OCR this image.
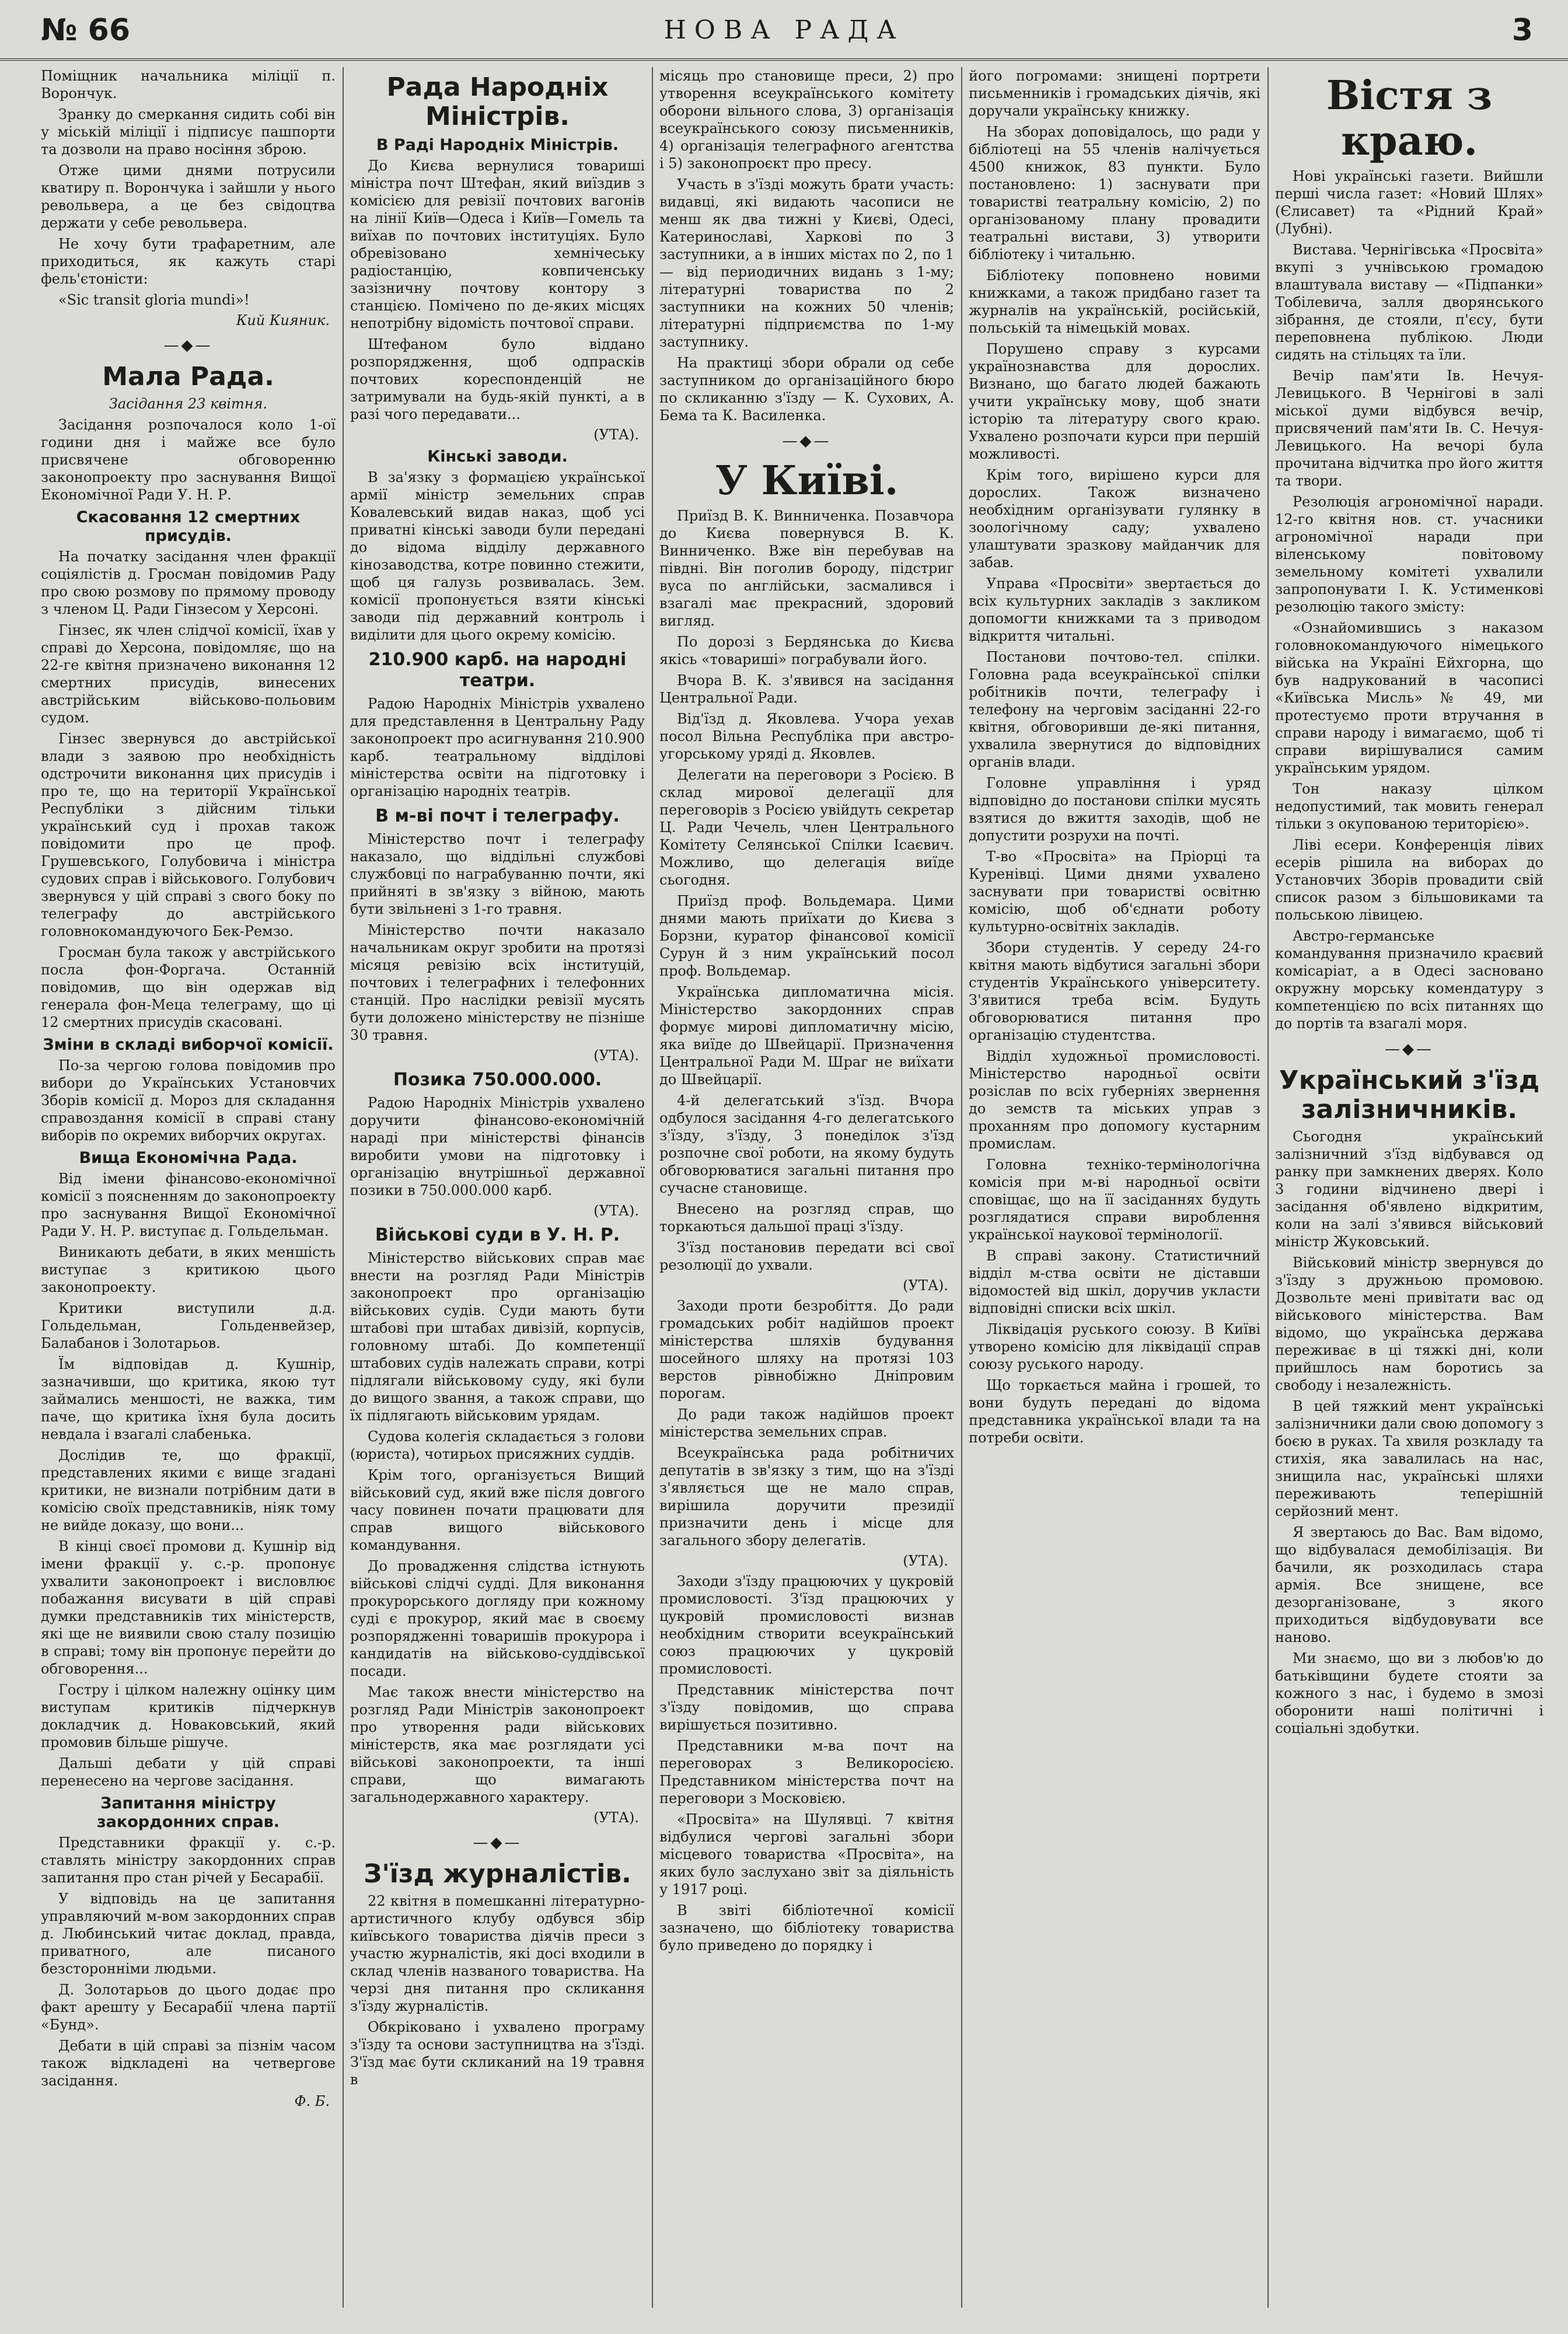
№ 66	НОВА РАДА	3

Поміщник начальника міліції п. Ворончук.

Зранку до смеркання сидить собі він у міській міліції і підписує пашпорти та дозволи на право носіння зброю.

Отже цими днями потрусили кватиру п. Ворончука і зайшли у нього револьвера, а це без свідоцтва держати у себе револьвера.

Не хочу бути трафаретним, але приходиться, як кажуть старі фель'єтоністи:

«Sic transit gloria mundi»!

Кий Кияник.
—◆—
Мала Рада.
Засідання 23 квітня.

Засідання розпочалося коло 1-ої години дня і майже все було присвячене обговоренню законопроекту про заснування Вищої Економічної Ради У. Н. Р.

Скасовання 12 смертних присудів.

На початку засідання член фракції соціялістів д. Гросман повідомив Раду про свою розмову по прямому проводу з членом Ц. Ради Гінзесом у Херсоні.

Гінзес, як член слідчої комісії, їхав у справі до Херсона, повідомляє, що на 22-ге квітня призначено виконання 12 смертних присудів, винесених австрійським військово-польовим судом.

Гінзес звернувся до австрійської влади з заявою про необхідність одстрочити виконання цих присудів і про те, що на території Української Республіки з дійсним тільки український суд і прохав також повідомити про це проф. Грушевського, Голубовича і міністра судових справ і військового. Голубович звернувся у цій справі з свого боку по телеграфу до австрійського головнокомандуючого Бек-Ремзо.

Гросман була також у австрійського посла фон-Форгача. Останній повідомив, що він одержав від генерала фон-Меца телеграму, що ці 12 смертних присудів скасовані.

Зміни в складі виборчої комісії.

По-за чергою голова повідомив про вибори до Українських Установчих Зборів комісії д. Мороз для складання справоздання комісії в справі стану виборів по окремих виборчих округах.

Вища Економічна Рада.

Від імени фінансово-економічної комісії з поясненням до законопроекту про заснування Вищої Економічної Ради У. Н. Р. виступає д. Гольдельман.

Виникають дебати, в яких меншість виступає з критикою цього законопроекту.

Критики виступили д.д. Гольдельман, Гольденвейзер, Балабанов і Золотарьов.

Їм відповідав д. Кушнір, зазначивши, що критика, якою тут займались меншості, не важка, тим паче, що критика їхня була досить невдала і взагалі слабенька.

Дослідив те, що фракції, представлених якими є вище згадані критики, не визнали потрібним дати в комісію своїх представників, ніяк тому не вийде доказу, що вони...

В кінці своєї промови д. Кушнір від імени фракції у. с.-р. пропонує ухвалити законопроект і висловлює побажання висувати в цій справі думки представників тих міністерств, які ще не виявили свою сталу позицію в справі; тому він пропонує перейти до обговорення...

Гостру і цілком належну оцінку цим виступам критиків підчеркнув докладчик д. Новаковський, який промовив більше рішуче.

Дальші дебати у цій справі перенесено на чергове засідання.

Запитання міністру закордонних справ.

Представники фракції у. с.-р. ставлять міністру закордонних справ запитання про стан річей у Бесарабії.

У відповідь на це запитання управляючий м-вом закордонних справ д. Любинський читає доклад, правда, приватного, але писаного безсторонніми людьми.

Д. Золотарьов до цього додає про факт арешту у Бесарабії члена партії «Бунд».

Дебати в цій справі за пізнім часом також відкладені на четвергове засідання.

Ф. Б.
Рада Народніх Міністрів.
В Раді Народніх Міністрів.

До Києва вернулися товариші міністра почт Штефан, який виїздив з комісією для ревізії почтових вагонів на лінії Київ—Одеса і Київ—Гомель та виїхав по почтових інституціях. Було обревізовано хемнічеську радіостанцію, ковпиченську зазізничну почтову контору з станцією. Помічено по де-яких місцях непотрібну відомість почтової справи.

Штефаном було віддано розпорядження, щоб одпрасків почтових кореспонденцій не затримували на будь-якій пункті, а в разі чого передавати...

(УТА).
Кінські заводи.

В за'язку з формацією української армії міністр земельних справ Ковалевський видав наказ, щоб усі приватні кінські заводи були передані до відома відділу державного кінозаводства, котре повинно стежити, щоб ця галузь розвивалась. Зем. комісії пропонується взяти кінські заводи під державний контроль і виділити для цього окрему комісію.

210.900 карб. на народні театри.

Радою Народніх Міністрів ухвалено для представлення в Центральну Раду законопроект про асигнування 210.900 карб. театральному відділові міністерства освіти на підготовку і організацію народніх театрів.

В м-ві почт і телеграфу.

Міністерство почт і телеграфу наказало, що віддільні службові службовці по награбуванню почти, які прийняті в зв'язку з війною, мають бути звільнені з 1-го травня.

Міністерство почти наказало начальникам округ зробити на протязі місяця ревізію всіх інституцій, почтових і телеграфних і телефонних станцій. Про наслідки ревізії мусять бути доложено міністерству не пізніше 30 травня.

(УТА).
Позика 750.000.000.

Радою Народніх Міністрів ухвалено доручити фінансово-економічній нараді при міністерстві фінансів виробити умови на підготовку і організацію внутрішньої державної позики в 750.000.000 карб.

(УТА).
Військові суди в У. Н. Р.

Міністерство військових справ має внести на розгляд Ради Міністрів законопроект про організацію військових судів. Суди мають бути штабові при штабах дивізій, корпусів, головному штабі. До компетенції штабових судів належать справи, котрі підлягали військовому суду, які були до вищого звання, а також справи, що їх підлягають військовим урядам.

Судова колегія складається з голови (юриста), чотирьох присяжних суддів.

Крім того, організується Вищий військовий суд, який вже після довгого часу повинен почати працювати для справ вищого військового командування.

До провадження слідства істнують військові слідчі судді. Для виконання прокурорського догляду при кожному суді є прокурор, який має в своєму розпорядженні товаришів прокурора і кандидатів на військово-суддівської посади.

Має також внести міністерство на розгляд Ради Міністрів законопроект про утворення ради військових міністерств, яка має розглядати усі військові законопроекти, та інші справи, що вимагають загальнодержавного характеру.

(УТА).
—◆—
З'їзд журналістів.

22 квітня в помешканні літературно-артистичного клубу одбувся збір київського товариства діячів преси з участю журналістів, які досі входили в склад членів названого товариства. На черзі дня питання про скликання з'їзду журналістів.

Обкріковано і ухвалено програму з'їзду та основи заступництва на з'їзді. З'їзд має бути скликаний на 19 травня в

місяць про становище преси, 2) про утворення всеукраїнського комітету оборони вільного слова, 3) організація всеукраїнського союзу письменників, 4) організація телеграфного агентства і 5) законопроєкт про пресу.

Участь в з'їзді можуть брати участь: видавці, які видають часописи не менш як два тижні у Києві, Одесі, Катеринославі, Харкові по 3 заступники, а в інших містах по 2, по 1 — від периодичних видань з 1-му; літературні товариства по 2 заступники на кожних 50 членів; літературні підприємства по 1-му заступнику.

На практиці збори обрали од себе заступником до організаційного бюро по скликанню з'їзду — К. Сухових, А. Бема та К. Василенка.

—◆—
У Київі.

Приїзд В. К. Винниченка. Позавчора до Києва повернувся В. К. Винниченко. Вже він перебував на півдні. Він поголив бороду, підстриг вуса по англійськи, засмалився і взагалі має прекрасний, здоровий вигляд.

По дорозі з Бердянська до Києва якісь «товариші» пограбували його.

Вчора В. К. з'явився на засідання Центральної Ради.

Від'їзд д. Яковлева. Учора уехав посол Вільна Республіка при австро-угорському уряді д. Яковлев.

Делегати на переговори з Росією. В склад мирової делегації для переговорів з Росією увійдуть секретар Ц. Ради Чечель, член Центрального Комітету Селянської Спілки Ісаєвич. Можливо, що делегація виїде сьогодня.

Приїзд проф. Вольдемара. Цими днями мають приїхати до Києва з Борзни, куратор фінансової комісії Сурун й з ним український посол проф. Вольдемар.

Українська дипломатична місія. Міністерство закордонних справ формує мирові дипломатичну місію, яка виїде до Швейцарії. Призначення Центральної Ради М. Шраг не виїхати до Швейцарії.

4-й делегатський з'їзд. Вчора одбулося засідання 4-го делегатського з'їзду, з'їзду, 3 понеділок з'їзд розпочне свої роботи, на якому будуть обговорюватися загальні питання про сучасне становище.

Внесено на розгляд справ, що торкаються дальшої праці з'їзду.

З'їзд постановив передати всі свої резолюції до ухвали.

(УТА).

Заходи проти безробіття. До ради громадських робіт надійшов проект міністерства шляхів будування шосейного шляху на протязі 103 верстов рівнобіжно Дніпровим порогам.

До ради також надійшов проект міністерства земельних справ.

Всеукраїнська рада робітничих депутатів в зв'язку з тим, що на з'їзді з'являється ще не мало справ, вирішила доручити президії призначити день і місце для загального збору делегатів.

(УТА).

Заходи з'їзду працюючих у цукровій промисловості. З'їзд працюючих у цукровій промисловості визнав необхідним створити всеукраїнський союз працюючих у цукровій промисловості.

Представник міністерства почт з'їзду повідомив, що справа вирішується позитивно.

Представники м-ва почт на переговорах з Великоросією. Представником міністерства почт на переговори з Московією.

«Просвіта» на Шулявці. 7 квітня відбулися чергові загальні збори місцевого товариства «Просвіта», на яких було заслухано звіт за діяльність у 1917 році.

В звіті бібліотечної комісії зазначено, що бібліотеку товариства було приведено до порядку і

його погромами: знищені портрети письменників і громадських діячів, які доручали українську книжку.

На зборах доповідалось, що ради у бібліотеці на 55 членів налічується 4500 книжок, 83 пункти. Було постановлено: 1) заснувати при товаристві театральну комісію, 2) по організованому плану провадити театральні вистави, 3) утворити бібліотеку і читальню.

Бібліотеку поповнено новими книжками, а також придбано газет та журналів на українській, російській, польській та німецькій мовах.

Порушено справу з курсами українознавства для дорослих. Визнано, що багато людей бажають учити українську мову, щоб знати історію та літературу свого краю. Ухвалено розпочати курси при першій можливості.

Крім того, вирішено курси для дорослих. Також визначено необхідним організувати гулянку в зоологічному саду; ухвалено улаштувати зразкову майданчик для забав.

Управа «Просвіти» звертається до всіх культурних закладів з закликом допомогти книжками та з приводом відкриття читальні.

Постанови почтово-тел. спілки. Головна рада всеукраїнської спілки робітників почти, телеграфу і телефону на черговім засіданні 22-го квітня, обговоривши де-які питання, ухвалила звернутися до відповідних органів влади.

Головне управління і уряд відповідно до постанови спілки мусять взятися до вжиття заходів, щоб не допустити розрухи на почті.

Т-во «Просвіта» на Пріорці та Куренівці. Цими днями ухвалено заснувати при товаристві освітню комісію, щоб об'єднати роботу культурно-освітніх закладів.

Збори студентів. У середу 24-го квітня мають відбутися загальні збори студентів Українського університету. З'явитися треба всім. Будуть обговорюватися питання про організацію студентства.

Відділ художньої промисловості. Міністерство народньої освіти розіслав по всіх губерніях звернення до земств та міських управ з проханням про допомогу кустарним промислам.

Головна техніко-термінологічна комісія при м-ві народньої освіти сповіщає, що на її засіданнях будуть розглядатися справи вироблення української наукової термінології.

В справі закону. Статистичний відділ м-ства освіти не діставши відомостей від шкіл, доручив укласти відповідні списки всіх шкіл.

Ліквідація руського союзу. В Київі утворено комісію для ліквідації справ союзу руського народу.

Що торкається майна і грошей, то вони будуть передані до відома представника української влади та на потреби освіти.

Вістя з краю.

Нові українські газети. Вийшли перші числа газет: «Новий Шлях» (Єлисавет) та «Рідний Край» (Лубні).

Вистава. Чернігівська «Просвіта» вкупі з учнівською громадою влаштувала виставу — «Підпанки» Тобілевича, залля дворянського зібрання, де стояли, п'єсу, бути переповнена публікою. Люди сидять на стільцях та їли.

Вечір пам'яти Ів. Нечуя-Левицького. В Чернігові в залі міської думи відбувся вечір, присвячений пам'яти Ів. С. Нечуя-Левицького. На вечорі була прочитана відчитка про його життя та твори.

Резолюція агрономічної наради. 12-го квітня нов. ст. учасники агрономічної наради при віленському повітовому земельному комітеті ухвалили запропонувати І. К. Устименкові резолюцію такого змісту:

«Ознайомившись з наказом головнокомандуючого німецького війська на Україні Ейхгорна, що був надрукований в часописі «Київська Мисль» № 49, ми протестуємо проти втручання в справи народу і вимагаємо, щоб ті справи вирішувалися самим українським урядом.

Тон наказу цілком недопустимий, так мовить генерал тільки з окупованою територією».

Ліві есери. Конференція лівих есерів рішила на виборах до Установчих Зборів провадити свій список разом з більшовиками та польською лівицею.

Австро-германське командування призначило краєвий комісаріат, а в Одесі засновано окружну морську комендатуру з компетенцією по всіх питаннях що до портів та взагалі моря.

—◆—
Український з'їзд залізничників.

Сьогодня український залізничний з'їзд відбувався од ранку при замкнених дверях. Коло 3 години відчинено двері і засідання об'явлено відкритим, коли на залі з'явився військовий міністр Жуковський.

Військовий міністр звернувся до з'їзду з дружньою промовою. Дозвольте мені привітати вас од військового міністерства. Вам відомо, що українська держава переживає в ці тяжкі дні, коли прийшлось нам боротись за свободу і незалежність.

В цей тяжкий мент українські залізничники дали свою допомогу з боєю в руках. Та хвиля розкладу та стихія, яка завалилась на нас, знищила нас, українські шляхи переживають теперішній серйозний мент.

Я звертаюсь до Вас. Вам відомо, що відбувалася демобілізація. Ви бачили, як розходилась стара армія. Все знищене, все дезорганізоване, з якого приходиться відбудовувати все наново.

Ми знаємо, що ви з любов'ю до батьківщини будете стояти за кожного з нас, і будемо в змозі оборонити наші політичні і соціальні здобутки.
